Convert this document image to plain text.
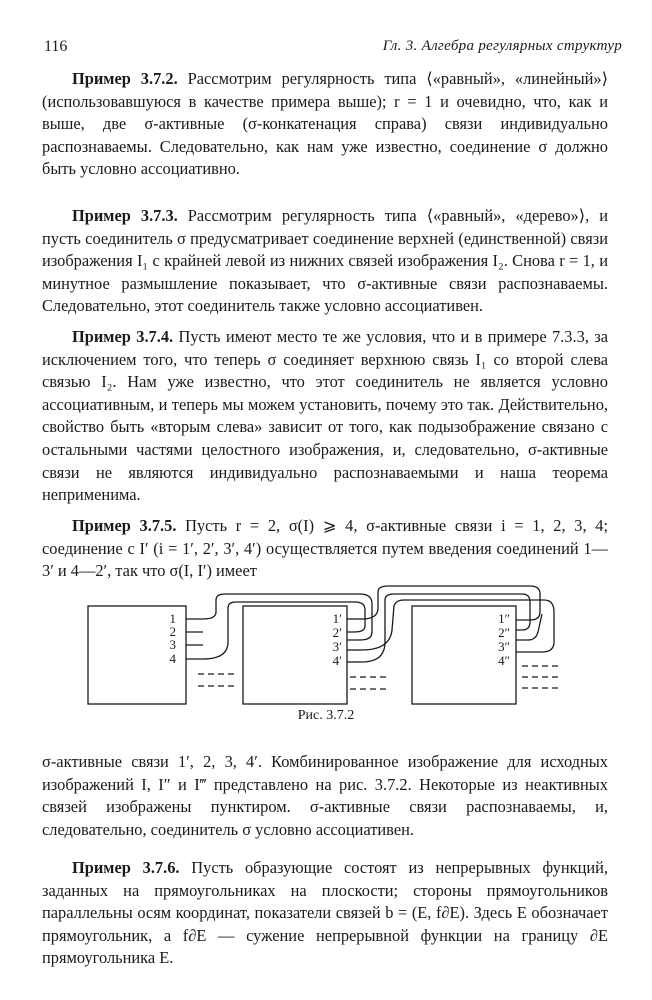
116	Гл. 3. Алгебра регулярных структур

Пример 3.7.2. Рассмотрим регулярность типа ⟨«равный», «линейный»⟩ (использовавшуюся в качестве примера выше); r = 1 и очевидно, что, как и выше, две σ-активные (σ-конкатенация справа) связи индивидуально распознаваемы. Следовательно, как нам уже известно, соединение σ должно быть условно ассоциативно.

Пример 3.7.3. Рассмотрим регулярность типа ⟨«равный», «дерево»⟩, и пусть соединитель σ предусматривает соединение верхней (единственной) связи изображения I₁ с крайней левой из нижних связей изображения I₂. Снова r = 1, и минутное размышление показывает, что σ-активные связи распознаваемы. Следовательно, этот соединитель также условно ассоциативен.

Пример 3.7.4. Пусть имеют место те же условия, что и в примере 7.3.3, за исключением того, что теперь σ соединяет верхнюю связь I₁ со второй слева связью I₂. Нам уже известно, что этот соединитель не является условно ассоциативным, и теперь мы можем установить, почему это так. Действительно, свойство быть «вторым слева» зависит от того, как подызображение связано с остальными частями целостного изображения, и, следовательно, σ-активные связи не являются индивидуально распознаваемыми и наша теорема неприменима.

Пример 3.7.5. Пусть r = 2, σ(I) ⩾ 4, σ-активные связи i = 1, 2, 3, 4; соединение с I′ (i = 1′, 2′, 3′, 4′) осуществляется путем введения соединений 1—3′ и 4—2′, так что σ(I, I′) имеет

1
2
3
4
1′
2′
3′
4′
1″
2″
3″
4″
Рис. 3.7.2

σ-активные связи 1′, 2, 3, 4′. Комбинированное изображение для исходных изображений I, I″ и I‴ представлено на рис. 3.7.2. Некоторые из неактивных связей изображены пунктиром. σ-активные связи распознаваемы, и, следовательно, соединитель σ условно ассоциативен.

Пример 3.7.6. Пусть образующие состоят из непрерывных функций, заданных на прямоугольниках на плоскости; стороны прямоугольников параллельны осям координат, показатели связей b = (E, f∂E). Здесь E обозначает прямоугольник, а f∂E — сужение непрерывной функции на границу ∂E прямоугольника E.
